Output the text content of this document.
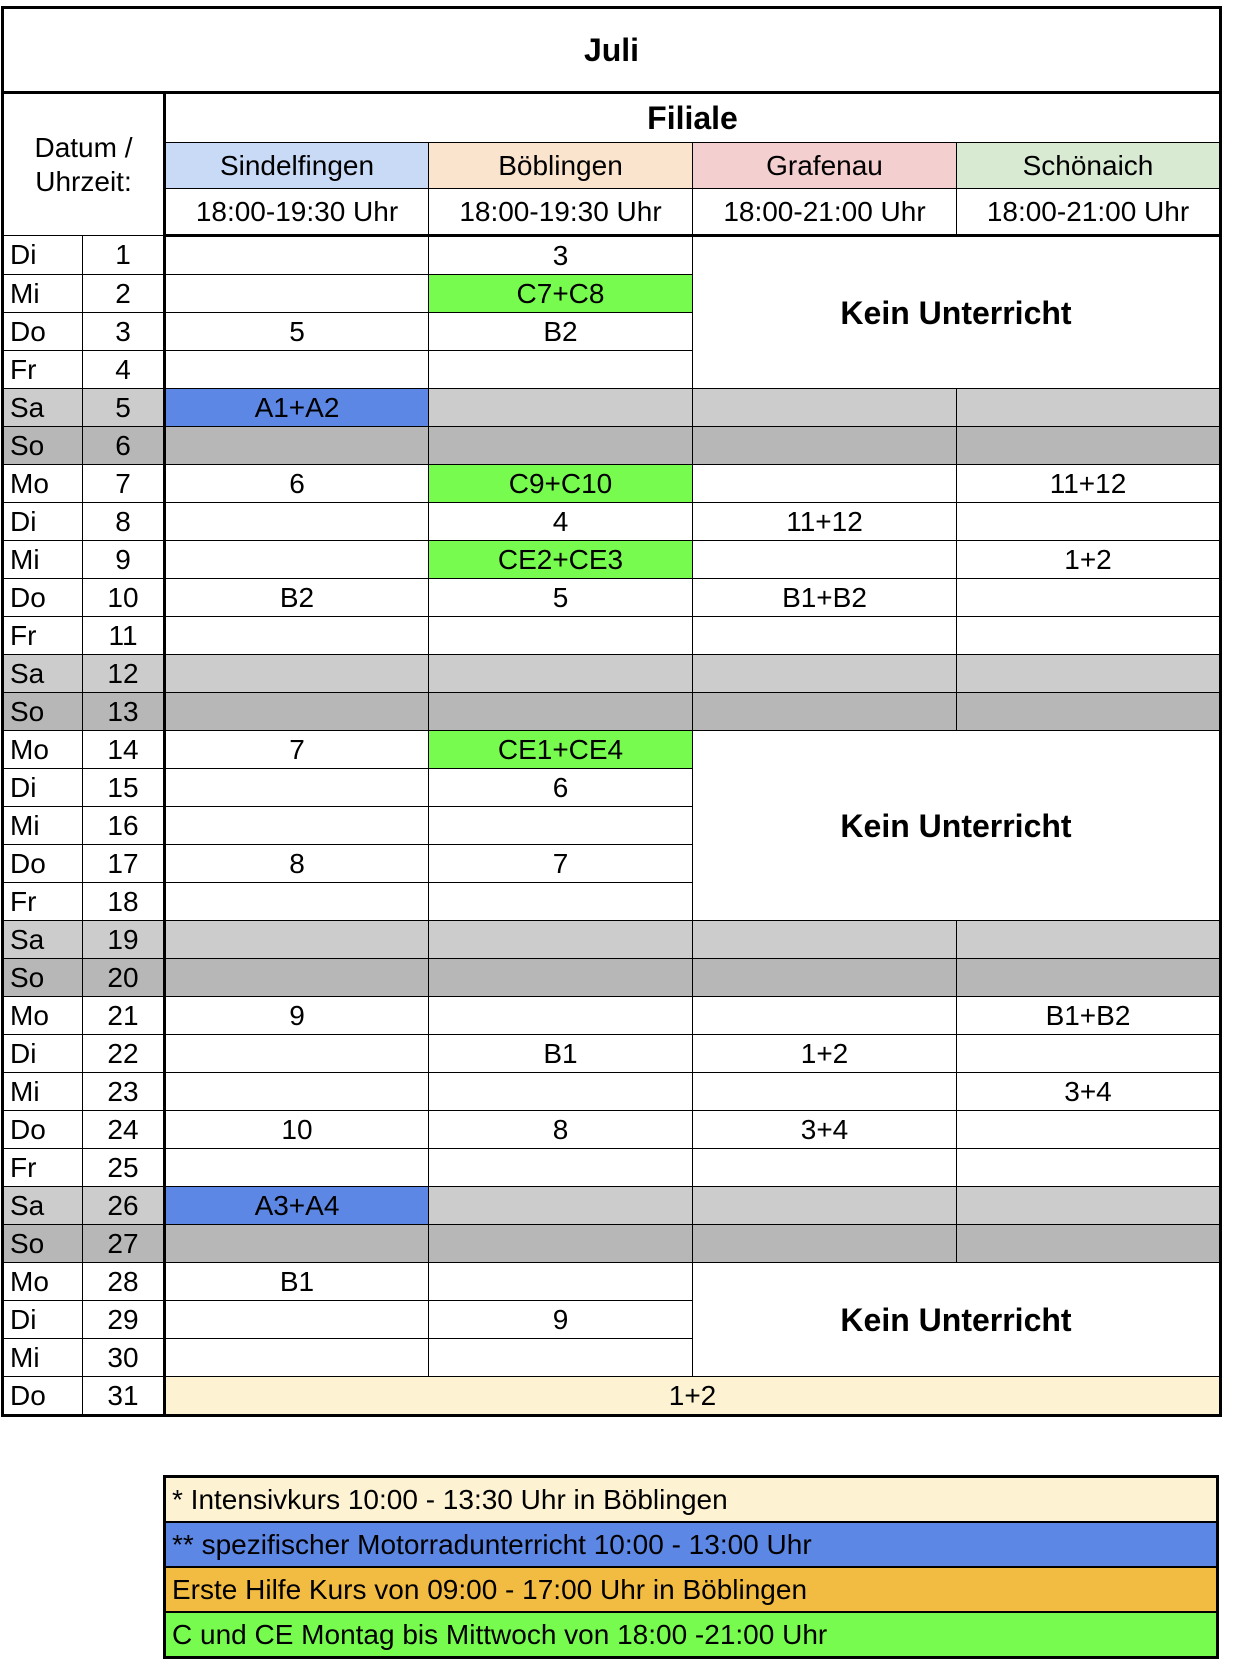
Juli					
Datum / Uhrzeit:		Filiale			
		Sindelfingen	Böblingen	Grafenau	Schönaich
		18:00-19:30 Uhr	18:00-19:30 Uhr	18:00-21:00 Uhr	18:00-21:00 Uhr
Di	1		3	Kein Unterricht	
Mi	2		C7+C8		
Do	3	5	B2		
Fr	4				
Sa	5	A1+A2			
So	6				
Mo	7	6	C9+C10		11+12
Di	8		4	11+12	
Mi	9		CE2+CE3		1+2
Do	10	B2	5	B1+B2	
Fr	11				
Sa	12				
So	13				
Mo	14	7	CE1+CE4	Kein Unterricht	
Di	15		6		
Mi	16				
Do	17	8	7		
Fr	18				
Sa	19				
So	20				
Mo	21	9			B1+B2
Di	22		B1	1+2	
Mi	23				3+4
Do	24	10	8	3+4	
Fr	25				
Sa	26	A3+A4			
So	27				
Mo	28	B1		Kein Unterricht	
Di	29		9		
Mi	30				
Do	31	1+2			
* Intensivkurs 10:00 - 13:30 Uhr in Böblingen
** spezifischer Motorradunterricht 10:00 - 13:00 Uhr
Erste Hilfe Kurs von 09:00 - 17:00 Uhr in Böblingen
C und CE Montag bis Mittwoch von 18:00 -21:00 Uhr
